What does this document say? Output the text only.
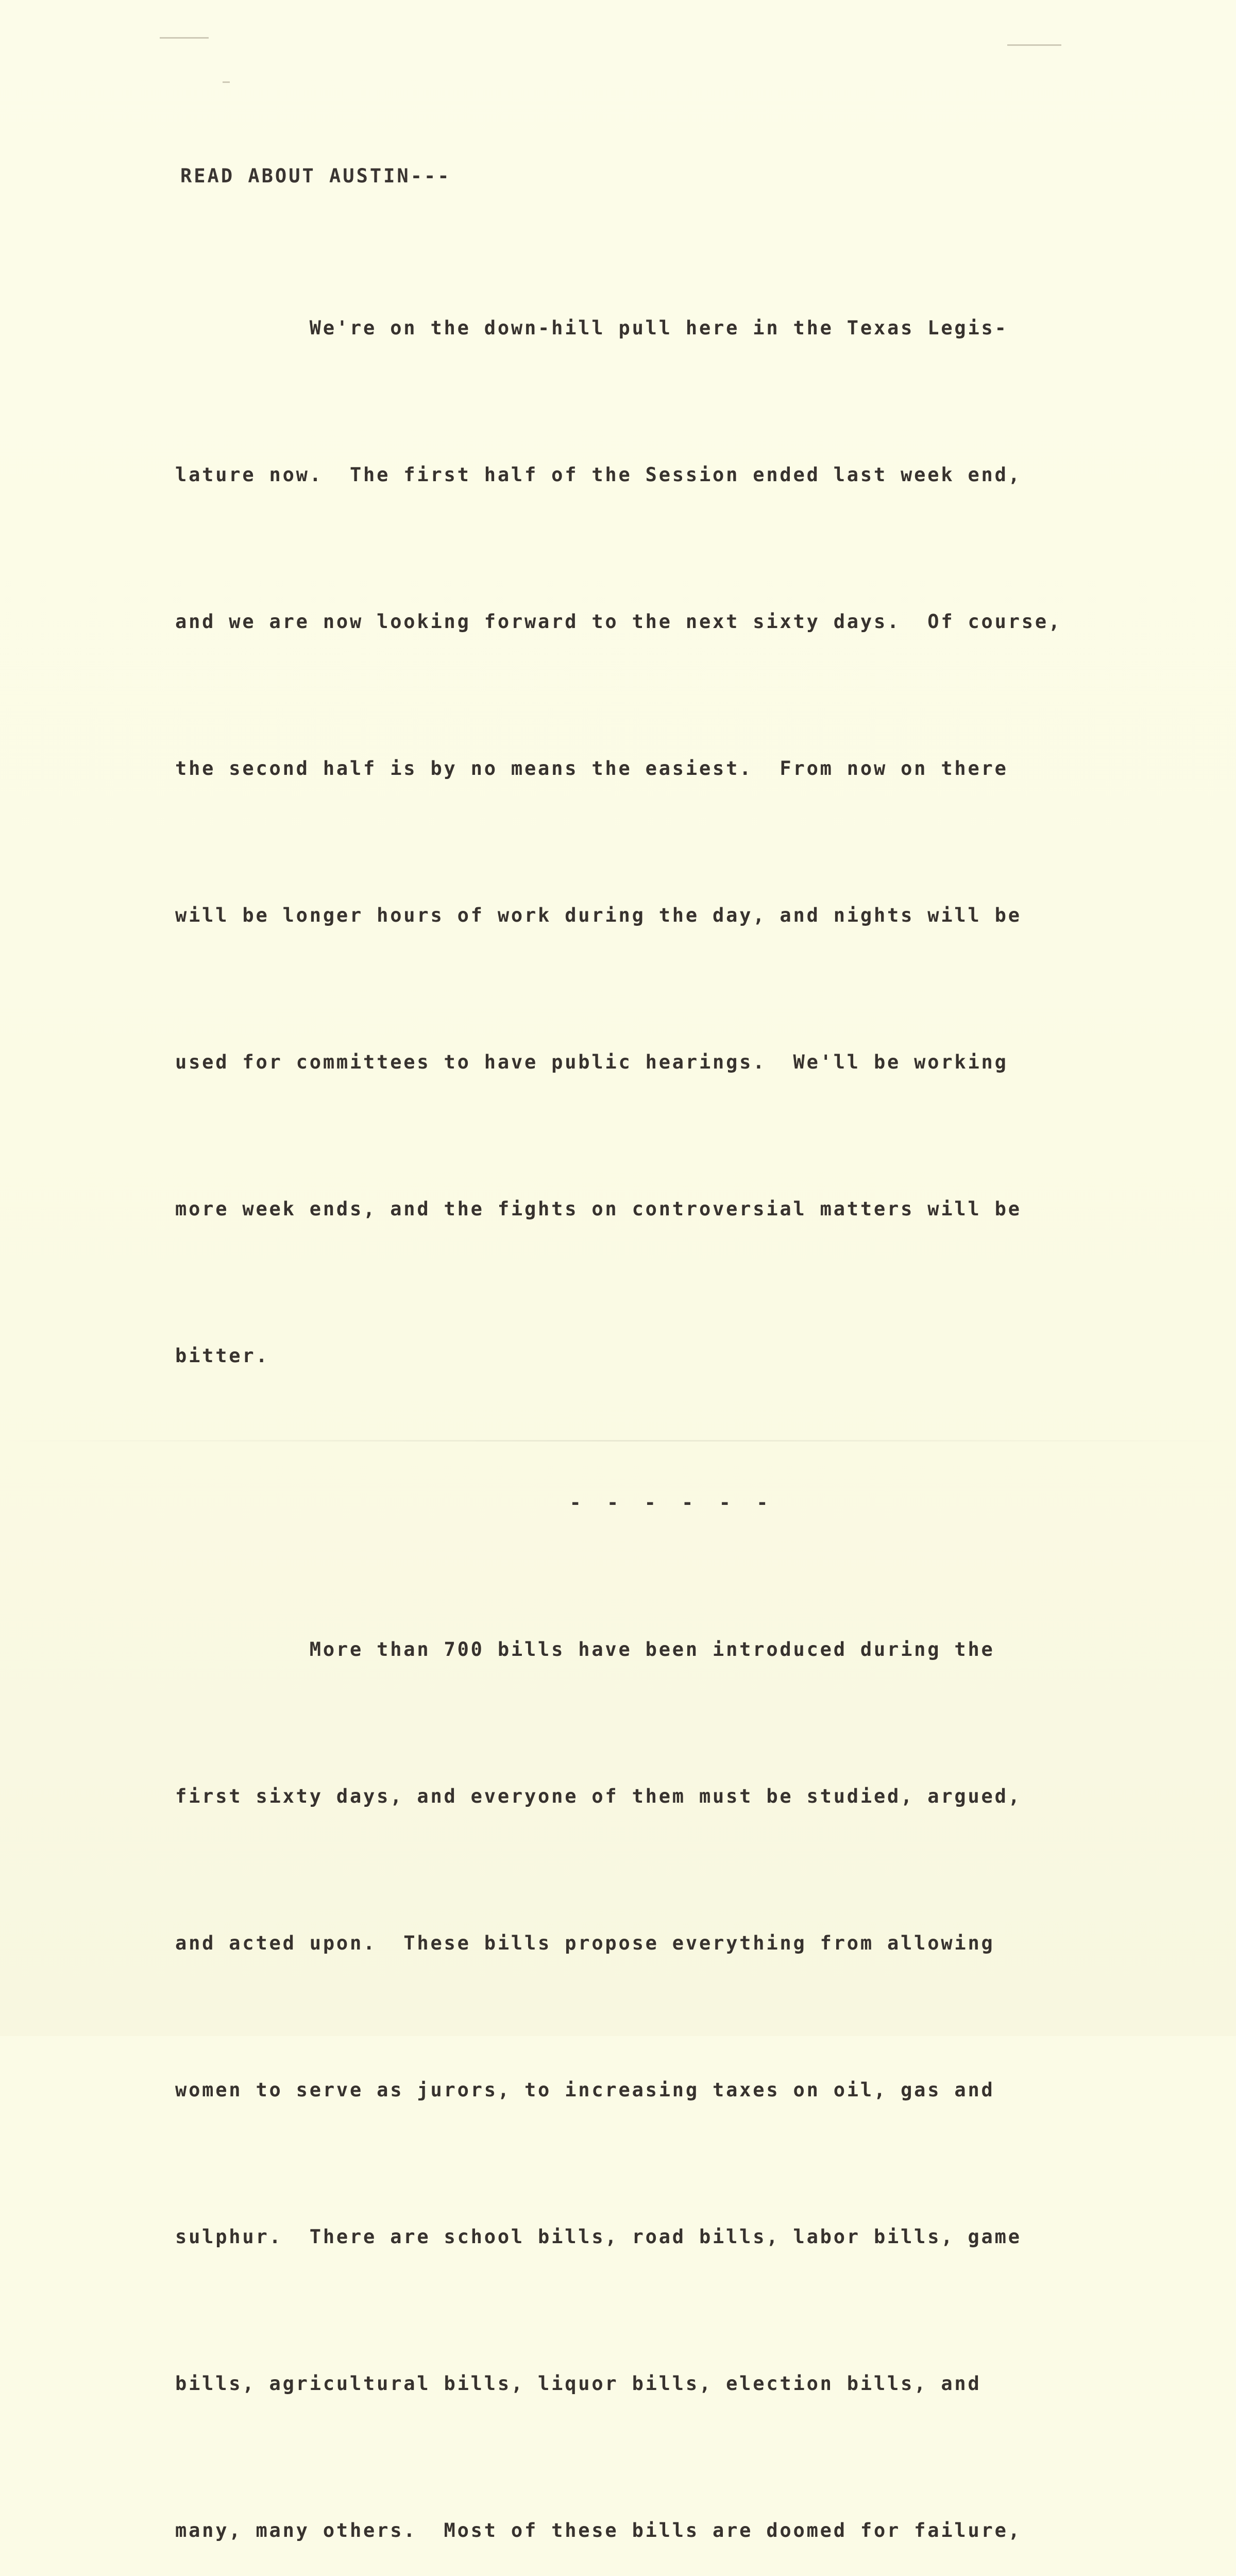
READ ABOUT AUSTIN---

We're on the down-hill pull here in the Texas Legis-

lature now.  The first half of the Session ended last week end,

and we are now looking forward to the next sixty days.  Of course,

the second half is by no means the easiest.  From now on there

will be longer hours of work during the day, and nights will be

used for committees to have public hearings.  We'll be working

more week ends, and the fights on controversial matters will be

bitter.

- - - - - -

More than 700 bills have been introduced during the

first sixty days, and everyone of them must be studied, argued,

and acted upon.  These bills propose everything from allowing

women to serve as jurors, to increasing taxes on oil, gas and

sulphur.  There are school bills, road bills, labor bills, game

bills, agricultural bills, liquor bills, election bills, and

many, many others.  Most of these bills are doomed for failure,
